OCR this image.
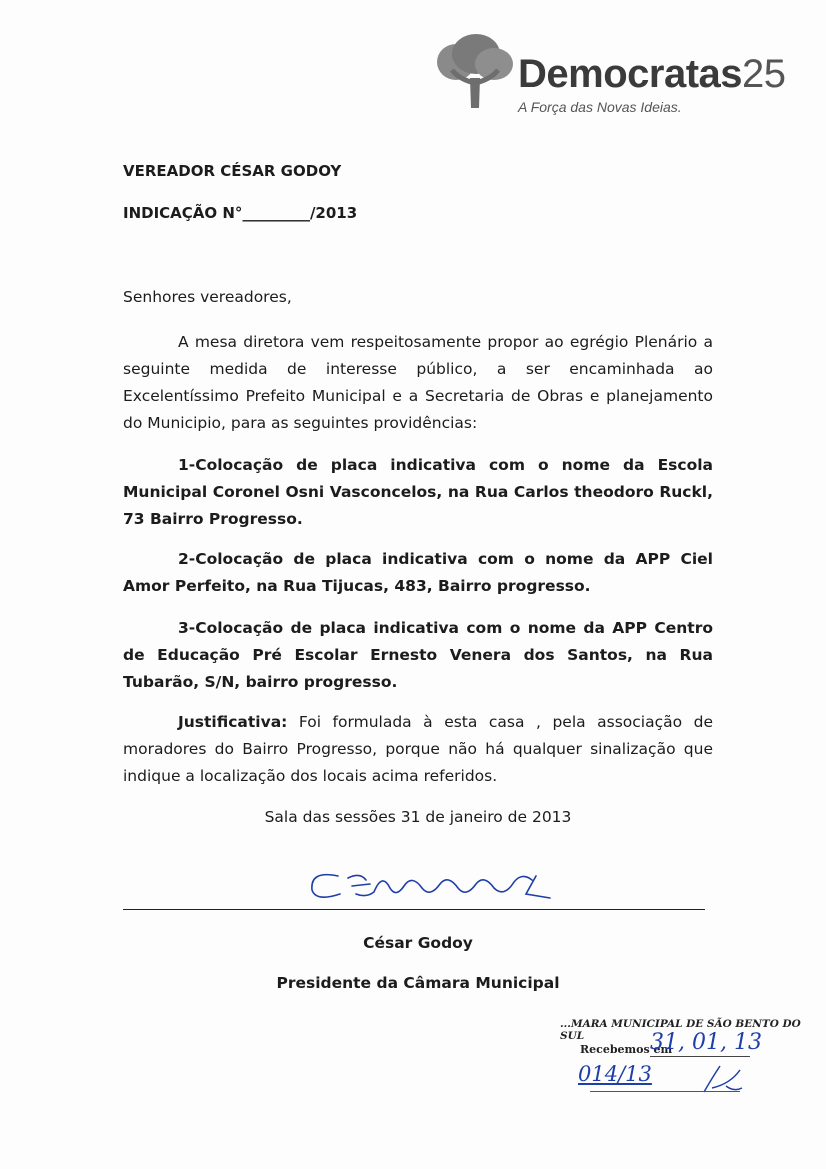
Democratas25
A Força das Novas Ideias.
VEREADOR CÉSAR GODOY
INDICAÇÃO N°_________/2013
Senhores vereadores,
A mesa diretora vem respeitosamente propor ao egrégio Plenário a seguinte medida de interesse público, a ser encaminhada ao Excelentíssimo Prefeito Municipal e a Secretaria de Obras e planejamento do Municipio, para as seguintes providências:
1-Colocação de placa indicativa com o nome da Escola Municipal Coronel Osni Vasconcelos, na Rua Carlos theodoro Ruckl, 73 Bairro Progresso.
2-Colocação de placa indicativa com o nome da APP Ciel Amor Perfeito, na Rua Tijucas, 483, Bairro progresso.
3-Colocação de placa indicativa com o nome da APP Centro de Educação Pré Escolar Ernesto Venera dos Santos, na Rua Tubarão, S/N, bairro progresso.
Justificativa: Foi formulada à esta casa , pela associação de moradores do Bairro Progresso, porque não há qualquer sinalização que indique a localização dos locais acima referidos.
Sala das sessões 31 de janeiro de 2013
César Godoy
Presidente da Câmara Municipal
...MARA MUNICIPAL DE SÃO BENTO DO SUL
Recebemos em
31, 01, 13
014/13
